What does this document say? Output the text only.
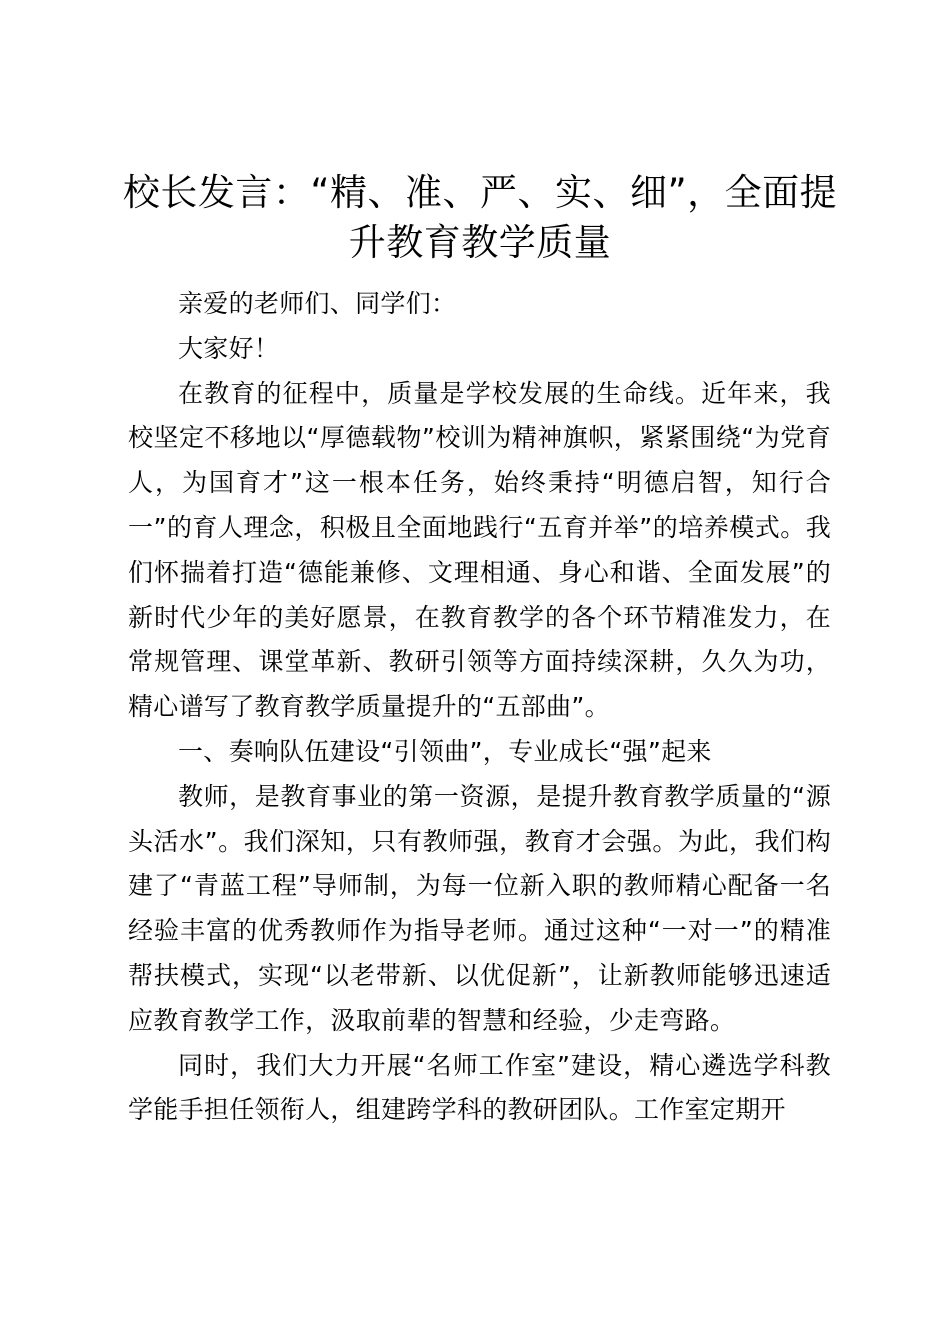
校长发言：“精、准、严、实、细”，全面提升教育教学质量

亲爱的老师们、同学们：

大家好！

在教育的征程中，质量是学校发展的生命线。近年来，我校坚定不移地以“厚德载物”校训为精神旗帜，紧紧围绕“为党育人，为国育才”这一根本任务，始终秉持“明德启智，知行合一”的育人理念，积极且全面地践行“五育并举”的培养模式。我们怀揣着打造“德能兼修、文理相通、身心和谐、全面发展”的新时代少年的美好愿景，在教育教学的各个环节精准发力，在常规管理、课堂革新、教研引领等方面持续深耕，久久为功，精心谱写了教育教学质量提升的“五部曲”。

一、奏响队伍建设“引领曲”，专业成长“强”起来

教师，是教育事业的第一资源，是提升教育教学质量的“源头活水”。我们深知，只有教师强，教育才会强。为此，我们构建了“青蓝工程”导师制，为每一位新入职的教师精心配备一名经验丰富的优秀教师作为指导老师。通过这种“一对一”的精准帮扶模式，实现“以老带新、以优促新”，让新教师能够迅速适应教育教学工作，汲取前辈的智慧和经验，少走弯路。

同时，我们大力开展“名师工作室”建设，精心遴选学科教学能手担任领衔人，组建跨学科的教研团队。工作室定期开
